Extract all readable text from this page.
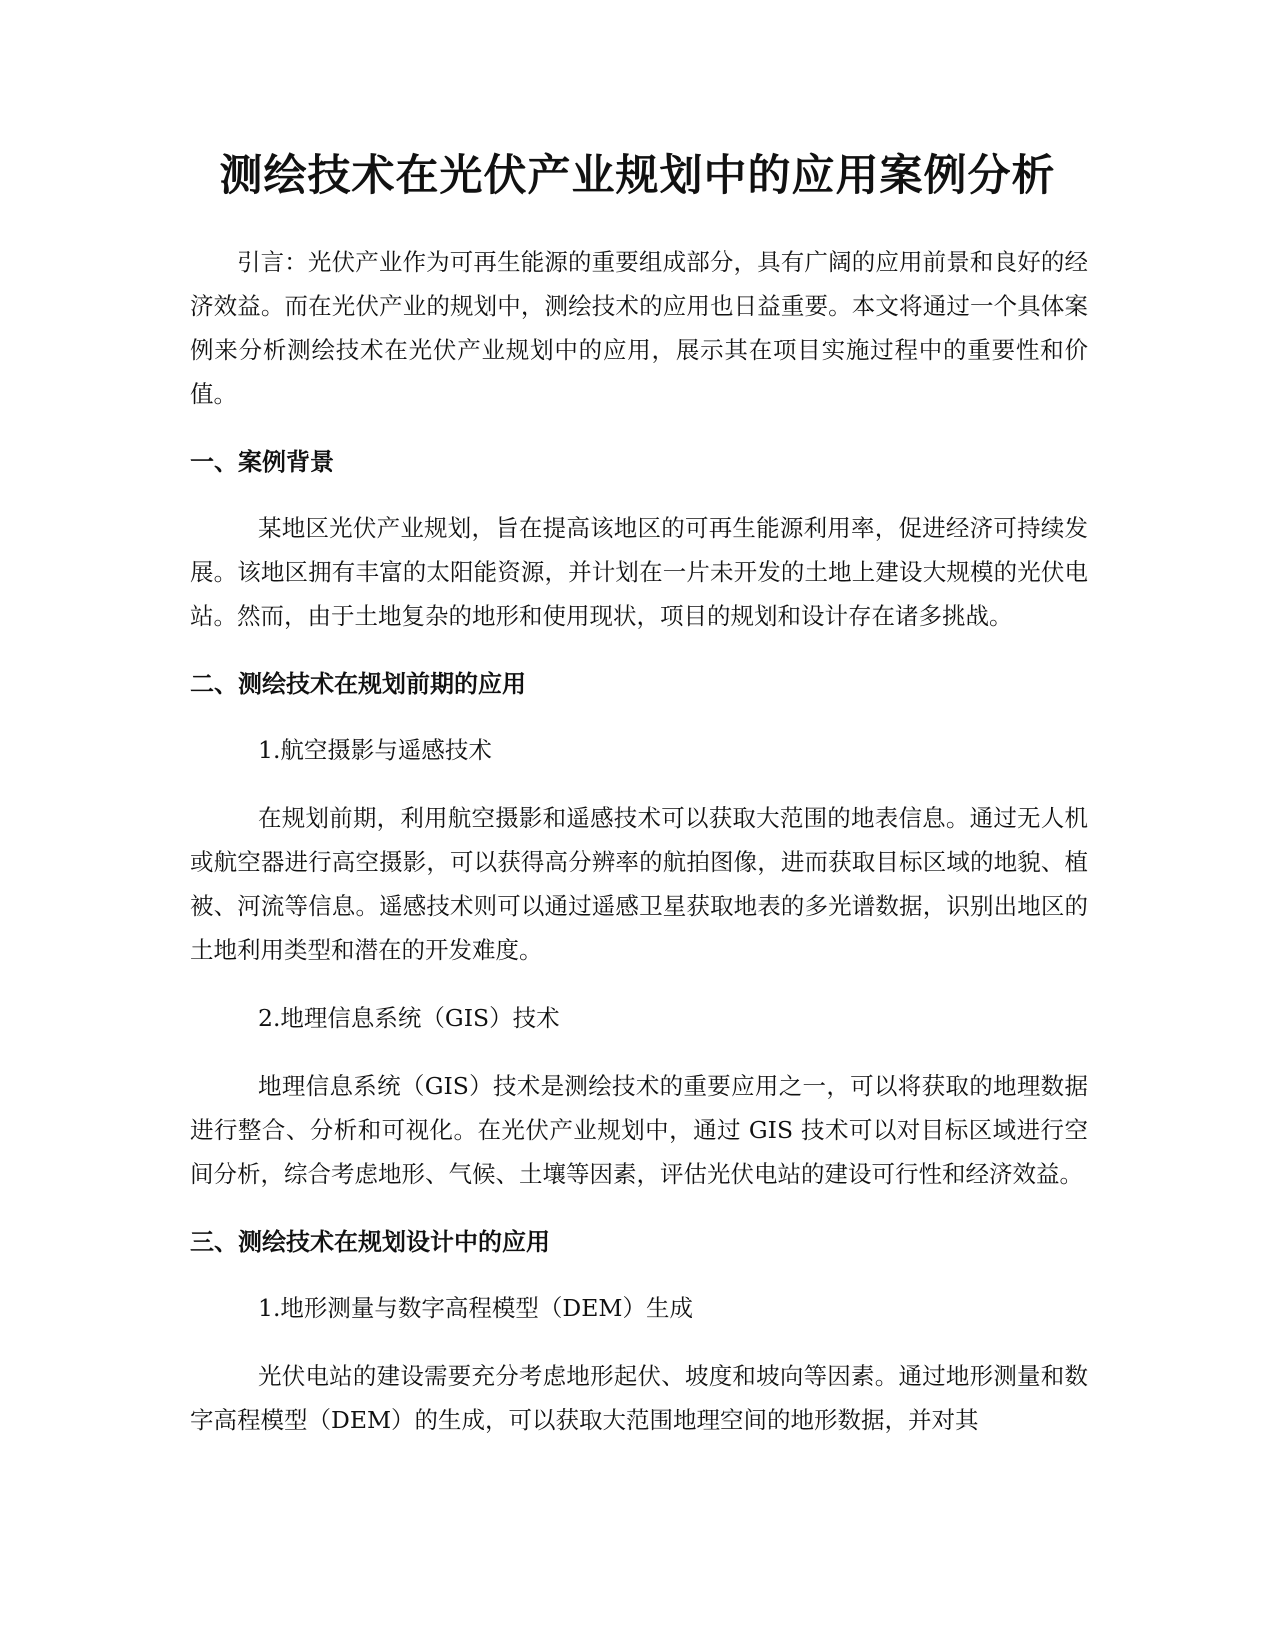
测绘技术在光伏产业规划中的应用案例分析

引言：光伏产业作为可再生能源的重要组成部分，具有广阔的应用前景和良好的经济效益。而在光伏产业的规划中，测绘技术的应用也日益重要。本文将通过一个具体案例来分析测绘技术在光伏产业规划中的应用，展示其在项目实施过程中的重要性和价值。

一、案例背景

某地区光伏产业规划，旨在提高该地区的可再生能源利用率，促进经济可持续发展。该地区拥有丰富的太阳能资源，并计划在一片未开发的土地上建设大规模的光伏电站。然而，由于土地复杂的地形和使用现状，项目的规划和设计存在诸多挑战。

二、测绘技术在规划前期的应用

1.航空摄影与遥感技术

在规划前期，利用航空摄影和遥感技术可以获取大范围的地表信息。通过无人机或航空器进行高空摄影，可以获得高分辨率的航拍图像，进而获取目标区域的地貌、植被、河流等信息。遥感技术则可以通过遥感卫星获取地表的多光谱数据，识别出地区的土地利用类型和潜在的开发难度。

2.地理信息系统（GIS）技术

地理信息系统（GIS）技术是测绘技术的重要应用之一，可以将获取的地理数据进行整合、分析和可视化。在光伏产业规划中，通过 GIS 技术可以对目标区域进行空间分析，综合考虑地形、气候、土壤等因素，评估光伏电站的建设可行性和经济效益。

三、测绘技术在规划设计中的应用

1.地形测量与数字高程模型（DEM）生成

光伏电站的建设需要充分考虑地形起伏、坡度和坡向等因素。通过地形测量和数字高程模型（DEM）的生成，可以获取大范围地理空间的地形数据，并对其
